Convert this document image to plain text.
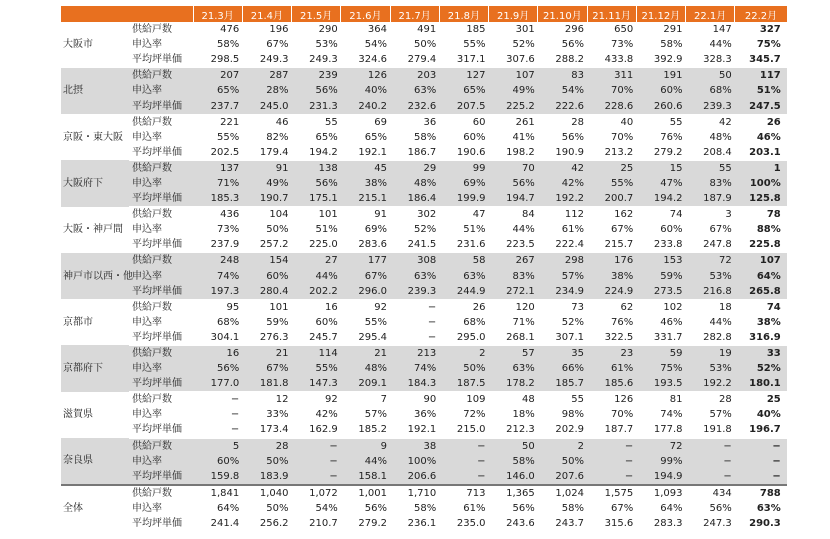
		21.3月	21.4月	21.5月	21.6月	21.7月	21.8月	21.9月	21.10月	21.11月	21.12月	22.1月	22.2月
大阪市	供給戸数	476	196	290	364	491	185	301	296	650	291	147	327
	申込率	58%	67%	53%	54%	50%	55%	52%	56%	73%	58%	44%	75%
	平均坪単価	298.5	249.3	249.3	324.6	279.4	317.1	307.6	288.2	433.8	392.9	328.3	345.7
北摂	供給戸数	207	287	239	126	203	127	107	83	311	191	50	117
	申込率	65%	28%	56%	40%	63%	65%	49%	54%	70%	60%	68%	51%
	平均坪単価	237.7	245.0	231.3	240.2	232.6	207.5	225.2	222.6	228.6	260.6	239.3	247.5
京阪・東大阪	供給戸数	221	46	55	69	36	60	261	28	40	55	42	26
	申込率	55%	82%	65%	65%	58%	60%	41%	56%	70%	76%	48%	46%
	平均坪単価	202.5	179.4	194.2	192.1	186.7	190.6	198.2	190.9	213.2	279.2	208.4	203.1
大阪府下	供給戸数	137	91	138	45	29	99	70	42	25	15	55	1
	申込率	71%	49%	56%	38%	48%	69%	56%	42%	55%	47%	83%	100%
	平均坪単価	185.3	190.7	175.1	215.1	186.4	199.9	194.7	192.2	200.7	194.2	187.9	125.8
大阪・神戸間	供給戸数	436	104	101	91	302	47	84	112	162	74	3	78
	申込率	73%	50%	51%	69%	52%	51%	44%	61%	67%	60%	67%	88%
	平均坪単価	237.9	257.2	225.0	283.6	241.5	231.6	223.5	222.4	215.7	233.8	247.8	225.8
神戸市以西・他	供給戸数	248	154	27	177	308	58	267	298	176	153	72	107
	申込率	74%	60%	44%	67%	63%	63%	83%	57%	38%	59%	53%	64%
	平均坪単価	197.3	280.4	202.2	296.0	239.3	244.9	272.1	234.9	224.9	273.5	216.8	265.8
京都市	供給戸数	95	101	16	92	−	26	120	73	62	102	18	74
	申込率	68%	59%	60%	55%	−	68%	71%	52%	76%	46%	44%	38%
	平均坪単価	304.1	276.3	245.7	295.4	−	295.0	268.1	307.1	322.5	331.7	282.8	316.9
京都府下	供給戸数	16	21	114	21	213	2	57	35	23	59	19	33
	申込率	56%	67%	55%	48%	74%	50%	63%	66%	61%	75%	53%	52%
	平均坪単価	177.0	181.8	147.3	209.1	184.3	187.5	178.2	185.7	185.6	193.5	192.2	180.1
滋賀県	供給戸数	−	12	92	7	90	109	48	55	126	81	28	25
	申込率	−	33%	42%	57%	36%	72%	18%	98%	70%	74%	57%	40%
	平均坪単価	−	173.4	162.9	185.2	192.1	215.0	212.3	202.9	187.7	177.8	191.8	196.7
奈良県	供給戸数	5	28	−	9	38	−	50	2	−	72	−	−
	申込率	60%	50%	−	44%	100%	−	58%	50%	−	99%	−	−
	平均坪単価	159.8	183.9	−	158.1	206.6	−	146.0	207.6	−	194.9	−	−
全体	供給戸数	1,841	1,040	1,072	1,001	1,710	713	1,365	1,024	1,575	1,093	434	788
	申込率	64%	50%	54%	56%	58%	61%	56%	58%	67%	64%	56%	63%
	平均坪単価	241.4	256.2	210.7	279.2	236.1	235.0	243.6	243.7	315.6	283.3	247.3	290.3
